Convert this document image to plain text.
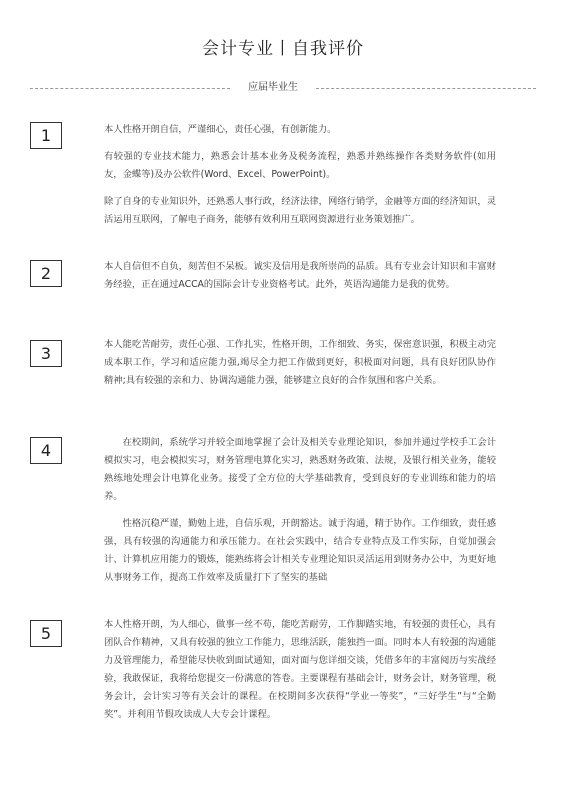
会计专业丨自我评价
应届毕业生
1	本人性格开朗自信，严谨细心，责任心强，有创新能力。

有较强的专业技术能力，熟悉会计基本业务及税务流程，熟悉并熟练操作各类财务软件(如用友，金蝶等)及办公软件(Word、Excel、PowerPoint)。

除了自身的专业知识外，还熟悉人事行政，经济法律，网络行销学，金融等方面的经济知识，灵活运用互联网，了解电子商务，能够有效利用互联网资源进行业务策划推广。

2	本人自信但不自负，刻苦但不呆板。诚实及信用是我所崇尚的品质。具有专业会计知识和丰富财务经验，正在通过ACCA的国际会计专业资格考试。此外，英语沟通能力是我的优势。

3	本人能吃苦耐劳，责任心强、工作扎实，性格开朗，工作细致、务实，保密意识强，积极主动完成本职工作，学习和适应能力强,竭尽全力把工作做到更好，积极面对问题，具有良好团队协作精神;具有较强的亲和力、协调沟通能力强，能够建立良好的合作氛围和客户关系。

4	在校期间，系统学习并较全面地掌握了会计及相关专业理论知识，参加并通过学校手工会计模拟实习，电会模拟实习，财务管理电算化实习，熟悉财务政策、法规，及银行相关业务，能较熟练地处理会计电算化业务。接受了全方位的大学基础教育，受到良好的专业训练和能力的培养。

性格沉稳严谨，勤勉上进，自信乐观，开朗豁达。诚于沟通，精于协作。工作细致，责任感强，具有较强的沟通能力和承压能力。在社会实践中，结合专业特点及工作实际，自觉加强会计、计算机应用能力的锻炼，能熟练将会计相关专业理论知识灵活运用到财务办公中，为更好地从事财务工作，提高工作效率及质量打下了坚实的基础

5	本人性格开朗，为人细心，做事一丝不苟，能吃苦耐劳，工作脚踏实地，有较强的责任心，具有团队合作精神，又具有较强的独立工作能力，思维活跃，能独挡一面。同时本人有较强的沟通能力及管理能力，希望能尽快收到面试通知，面对面与您详细交谈，凭借多年的丰富阅历与实战经验，我敢保证，我将给您提交一份满意的答卷。主要课程有基础会计，财务会计，财务管理，税务会计，会计实习等有关会计的课程。在校期间多次获得“学业一等奖”，“三好学生”与“全勤奖”。并利用节假攻读成人大专会计课程。
